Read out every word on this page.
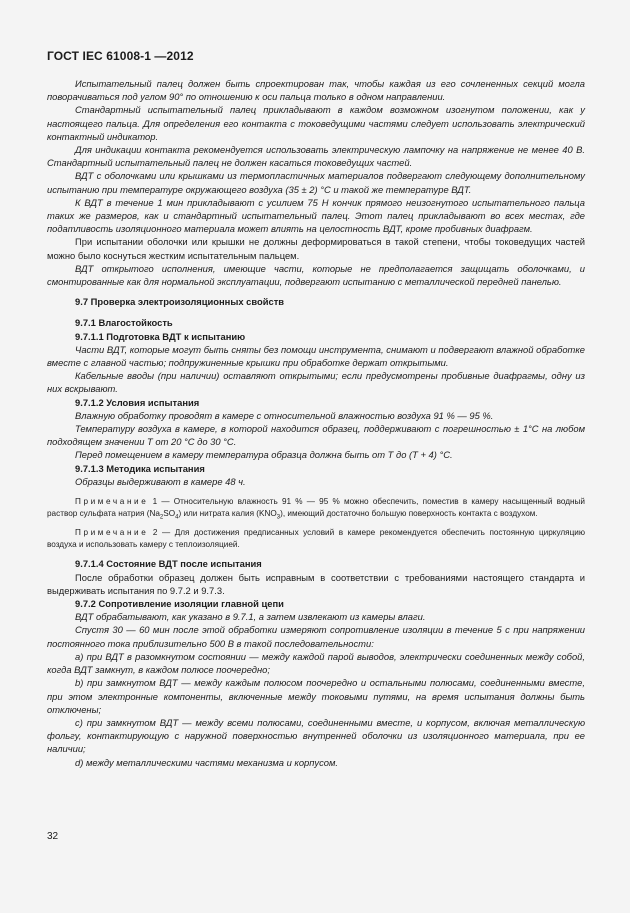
ГОСТ IEC 61008-1 —2012

Испытательный палец должен быть спроектирован так, чтобы каждая из его сочлененных секций могла поворачиваться под углом 90° по отношению к оси пальца только в одном направлении.

Стандартный испытательный палец прикладывают в каждом возможном изогнутом положении, как у настоящего пальца. Для определения его контакта с токоведущими частями следует использовать электрический контактный индикатор.

Для индикации контакта рекомендуется использовать электрическую лампочку на напряжение не менее 40 В. Стандартный испытательный палец не должен касаться токоведущих частей.

ВДТ с оболочками или крышками из термопластичных материалов подвергают следующему дополнительному испытанию при температуре окружающего воздуха (35 ± 2) °С и такой же температуре ВДТ.

К ВДТ в течение 1 мин прикладывают с усилием 75 Н кончик прямого неизогнутого испытательного пальца таких же размеров, как и стандартный испытательный палец. Этот палец прикладывают во всех местах, где податливость изоляционного материала может влиять на целостность ВДТ, кроме пробивных диафрагм.

При испытании оболочки или крышки не должны деформироваться в такой степени, чтобы токоведущих частей можно было коснуться жестким испытательным пальцем.

ВДТ открытого исполнения, имеющие части, которые не предполагается защищать оболочками, и смонтированные как для нормальной эксплуатации, подвергают испытанию с металлической передней панелью.

9.7 Проверка электроизоляционных свойств

9.7.1 Влагостойкость

9.7.1.1 Подготовка ВДТ к испытанию

Части ВДТ, которые могут быть сняты без помощи инструмента, снимают и подвергают влажной обработке вместе с главной частью; подпружиненные крышки при обработке держат открытыми.

Кабельные вводы (при наличии) оставляют открытыми; если предусмотрены пробивные диафрагмы, одну из них вскрывают.

9.7.1.2 Условия испытания

Влажную обработку проводят в камере с относительной влажностью воздуха 91 % — 95 %.

Температуру воздуха в камере, в которой находится образец, поддерживают с погрешностью ± 1°С на любом подходящем значении Т от 20 °С до 30 °С.

Перед помещением в камеру температура образца должна быть от Т до (Т + 4) °С.

9.7.1.3 Методика испытания

Образцы выдерживают в камере 48 ч.

Примечание 1 — Относительную влажность 91 % — 95 % можно обеспечить, поместив в камеру насыщенный водный раствор сульфата натрия $(Na_2SO_4)$ или нитрата калия $(KNO_3)$, имеющий достаточно большую поверхность контакта с воздухом.

Примечание 2 — Для достижения предписанных условий в камере рекомендуется обеспечить постоянную циркуляцию воздуха и использовать камеру с теплоизоляцией.

9.7.1.4 Состояние ВДТ после испытания

После обработки образец должен быть исправным в соответствии с требованиями настоящего стандарта и выдерживать испытания по 9.7.2 и 9.7.3.

9.7.2 Сопротивление изоляции главной цепи

ВДТ обрабатывают, как указано в 9.7.1, а затем извлекают из камеры влаги.

Спустя 30 — 60 мин после этой обработки измеряют сопротивление изоляции в течение 5 с при напряжении постоянного тока приблизительно 500 В в такой последовательности:

a) при ВДТ в разомкнутом состоянии — между каждой парой выводов, электрически соединенных между собой, когда ВДТ замкнут, в каждом полюсе поочередно;

b) при замкнутом ВДТ — между каждым полюсом поочередно и остальными полюсами, соединенными вместе, при этом электронные компоненты, включенные между токовыми путями, на время испытания должны быть отключены;

c) при замкнутом ВДТ — между всеми полюсами, соединенными вместе, и корпусом, включая металлическую фольгу, контактирующую с наружной поверхностью внутренней оболочки из изоляционного материала, при ее наличии;

d) между металлическими частями механизма и корпусом.

32
